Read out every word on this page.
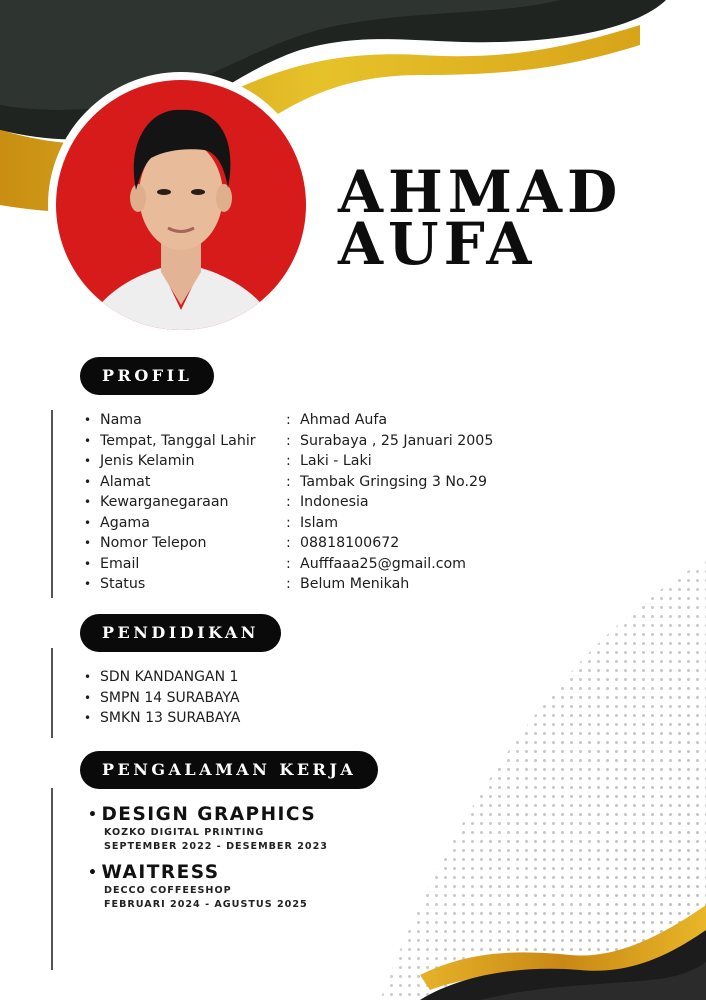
AHMAD
AUFA
PROFIL
• Nama	: Ahmad Aufa
• Tempat, Tanggal Lahir	: Surabaya , 25 Januari 2005
• Jenis Kelamin	: Laki - Laki
• Alamat	: Tambak Gringsing 3 No.29
• Kewarganegaraan	: Indonesia
• Agama	: Islam
• Nomor Telepon	: 08818100672
• Email	: Aufffaaa25@gmail.com
• Status	: Belum Menikah
PENDIDIKAN
• SDN KANDANGAN 1
• SMPN 14 SURABAYA
• SMKN 13 SURABAYA
PENGALAMAN KERJA
• DESIGN GRAPHICS
KOZKO DIGITAL PRINTING
SEPTEMBER 2022 - DESEMBER 2023
• WAITRESS
DECCO COFFEESHOP
FEBRUARI 2024 - AGUSTUS 2025
